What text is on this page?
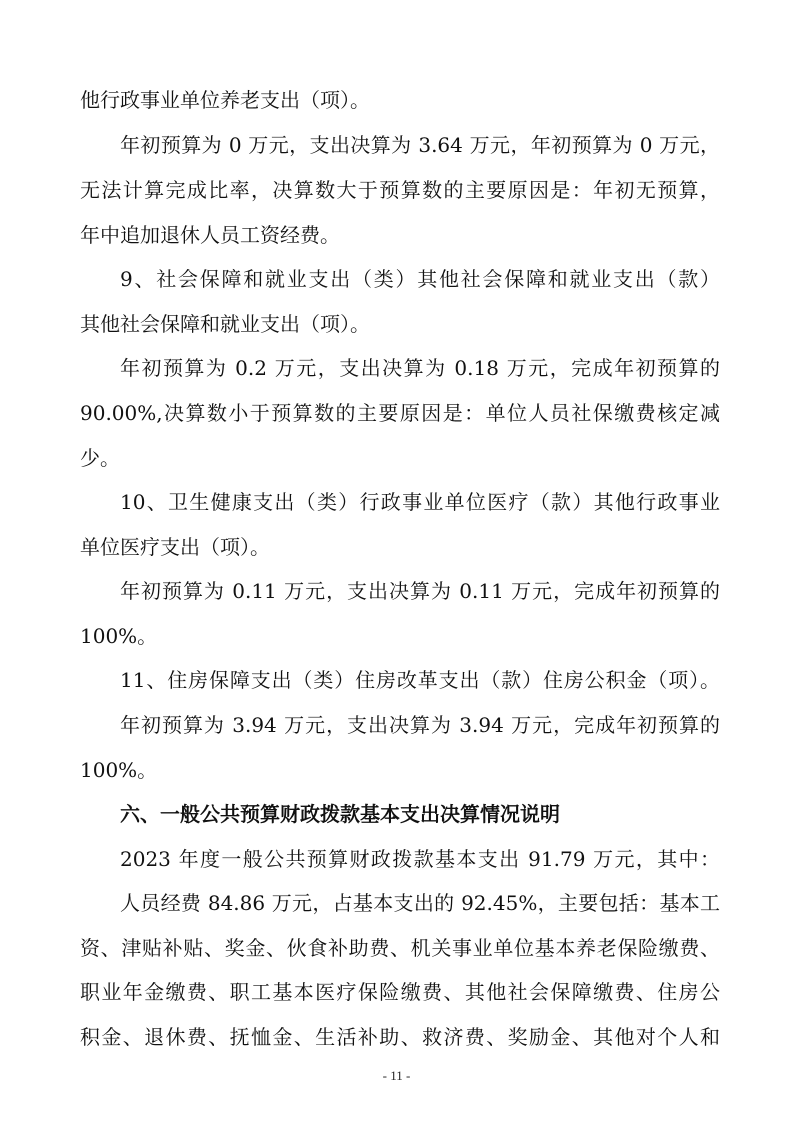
他行政事业单位养老支出（项）。
年初预算为 0 万元，支出决算为 3.64 万元，年初预算为 0 万元，
无法计算完成比率，决算数大于预算数的主要原因是：年初无预算，
年中追加退休人员工资经费。
9、社会保障和就业支出（类）其他社会保障和就业支出（款）
其他社会保障和就业支出（项）。
年初预算为 0.2 万元，支出决算为 0.18 万元，完成年初预算的
90.00%,决算数小于预算数的主要原因是：单位人员社保缴费核定减
少。
10、卫生健康支出（类）行政事业单位医疗（款）其他行政事业
单位医疗支出（项）。
年初预算为 0.11 万元，支出决算为 0.11 万元，完成年初预算的
100%。
11、住房保障支出（类）住房改革支出（款）住房公积金（项）。
年初预算为 3.94 万元，支出决算为 3.94 万元，完成年初预算的
100%。
六、一般公共预算财政拨款基本支出决算情况说明
2023 年度一般公共预算财政拨款基本支出 91.79 万元，其中：
人员经费 84.86 万元，占基本支出的 92.45%，主要包括：基本工
资、津贴补贴、奖金、伙食补助费、机关事业单位基本养老保险缴费、
职业年金缴费、职工基本医疗保险缴费、其他社会保障缴费、住房公
积金、退休费、抚恤金、生活补助、救济费、奖励金、其他对个人和
- 11 -
